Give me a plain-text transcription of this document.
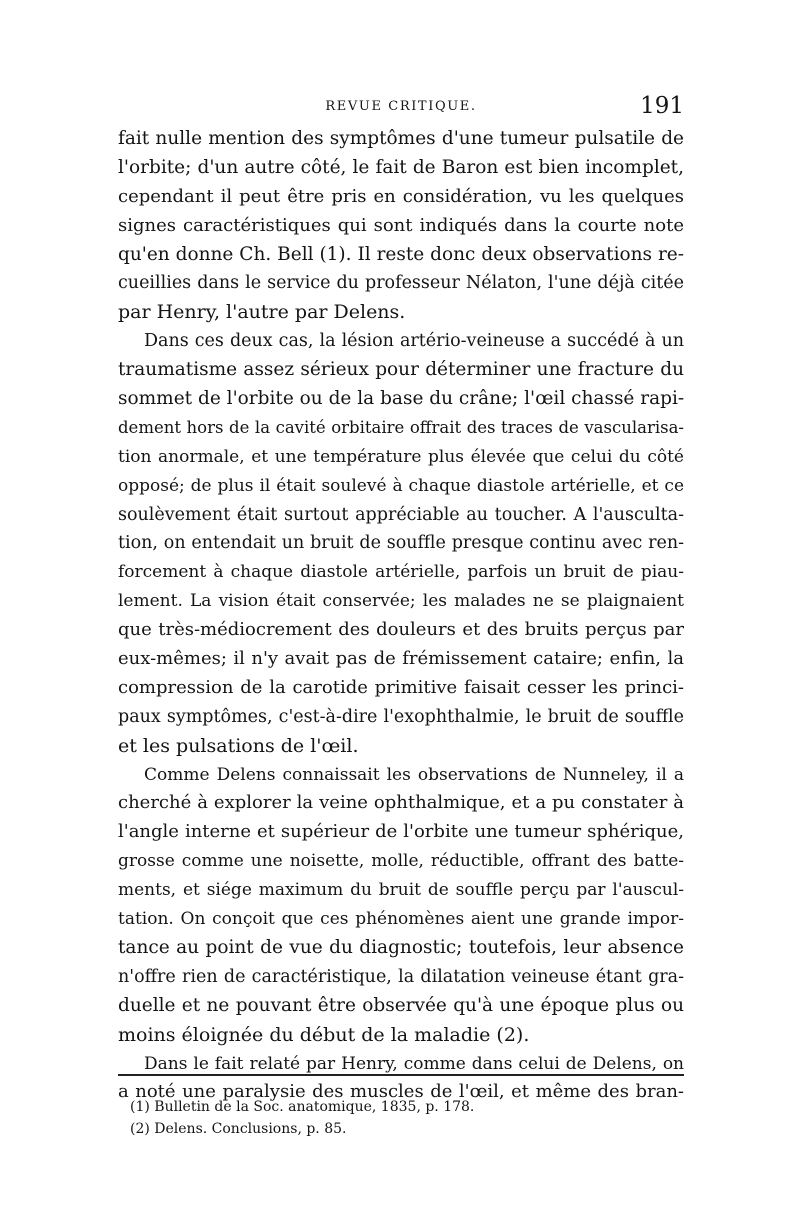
REVUE CRITIQUE.	191
fait nulle mention des symptômes d'une tumeur pulsatile de
l'orbite; d'un autre côté, le fait de Baron est bien incomplet,
cependant il peut être pris en considération, vu les quelques
signes caractéristiques qui sont indiqués dans la courte note
qu'en donne Ch. Bell (1). Il reste donc deux observations re-
cueillies dans le service du professeur Nélaton, l'une déjà citée
par Henry, l'autre par Delens.
Dans ces deux cas, la lésion artério-veineuse a succédé à un
traumatisme assez sérieux pour déterminer une fracture du
sommet de l'orbite ou de la base du crâne; l'œil chassé rapi-
dement hors de la cavité orbitaire offrait des traces de vascularisa-
tion anormale, et une température plus élevée que celui du côté
opposé; de plus il était soulevé à chaque diastole artérielle, et ce
soulèvement était surtout appréciable au toucher. A l'ausculta-
tion, on entendait un bruit de souffle presque continu avec ren-
forcement à chaque diastole artérielle, parfois un bruit de piau-
lement. La vision était conservée; les malades ne se plaignaient
que très-médiocrement des douleurs et des bruits perçus par
eux-mêmes; il n'y avait pas de frémissement cataire; enfin, la
compression de la carotide primitive faisait cesser les princi-
paux symptômes, c'est-à-dire l'exophthalmie, le bruit de souffle
et les pulsations de l'œil.
Comme Delens connaissait les observations de Nunneley, il a
cherché à explorer la veine ophthalmique, et a pu constater à
l'angle interne et supérieur de l'orbite une tumeur sphérique,
grosse comme une noisette, molle, réductible, offrant des batte-
ments, et siége maximum du bruit de souffle perçu par l'auscul-
tation. On conçoit que ces phénomènes aient une grande impor-
tance au point de vue du diagnostic; toutefois, leur absence
n'offre rien de caractéristique, la dilatation veineuse étant gra-
duelle et ne pouvant être observée qu'à une époque plus ou
moins éloignée du début de la maladie (2).
Dans le fait relaté par Henry, comme dans celui de Delens, on
a noté une paralysie des muscles de l'œil, et même des bran-
(1) Bulletin de la Soc. anatomique, 1835, p. 178.
(2) Delens. Conclusions, p. 85.
